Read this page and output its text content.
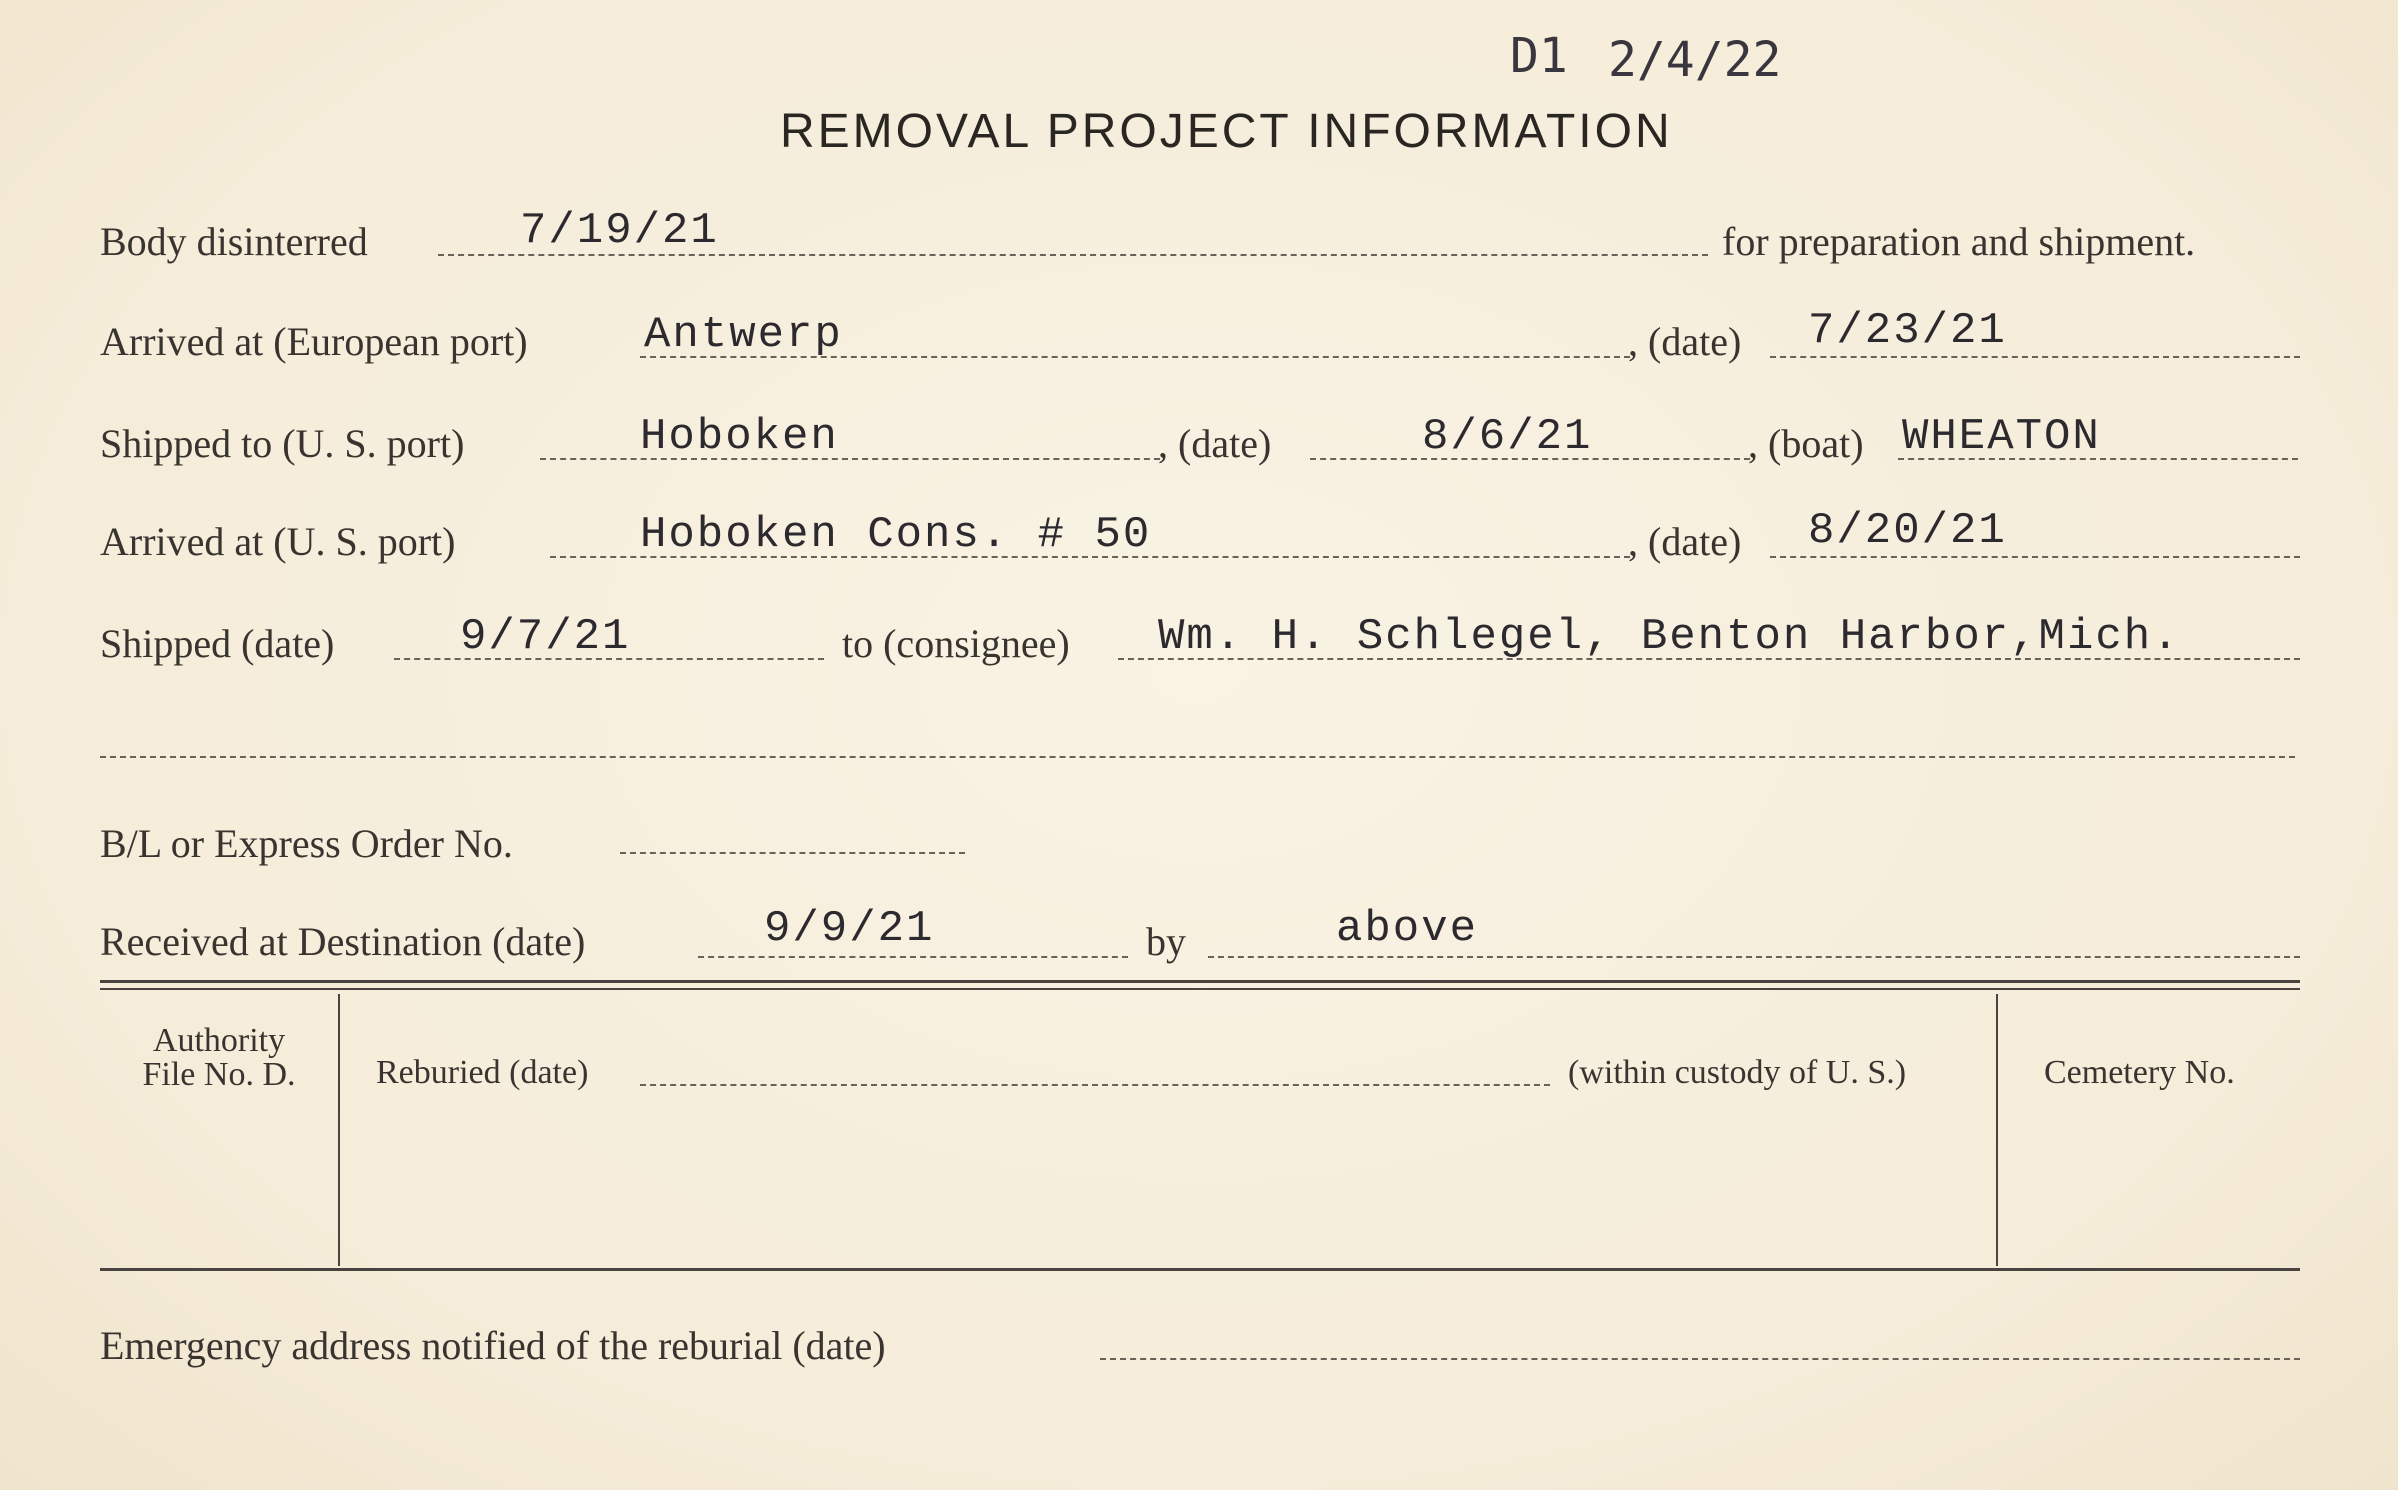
D1 2/4/22
REMOVAL PROJECT INFORMATION
Body disinterred	7/19/21	for preparation and shipment.
Arrived at (European port)	Antwerp	, (date) 7/23/21
Shipped to (U. S. port)	Hoboken	, (date)	8/6/21	, (boat) WHEATON
Arrived at (U. S. port)	Hoboken Cons. # 50	, (date) 8/20/21
Shipped (date)	9/7/21	to (consignee) Wm. H. Schlegel, Benton Harbor,Mich.
B/L or Express Order No.
Received at Destination (date)	9/9/21	by	above
Authority
File No. D.	Reburied (date)	(within custody of U. S.)	Cemetery No.
Emergency address notified of the reburial (date)
